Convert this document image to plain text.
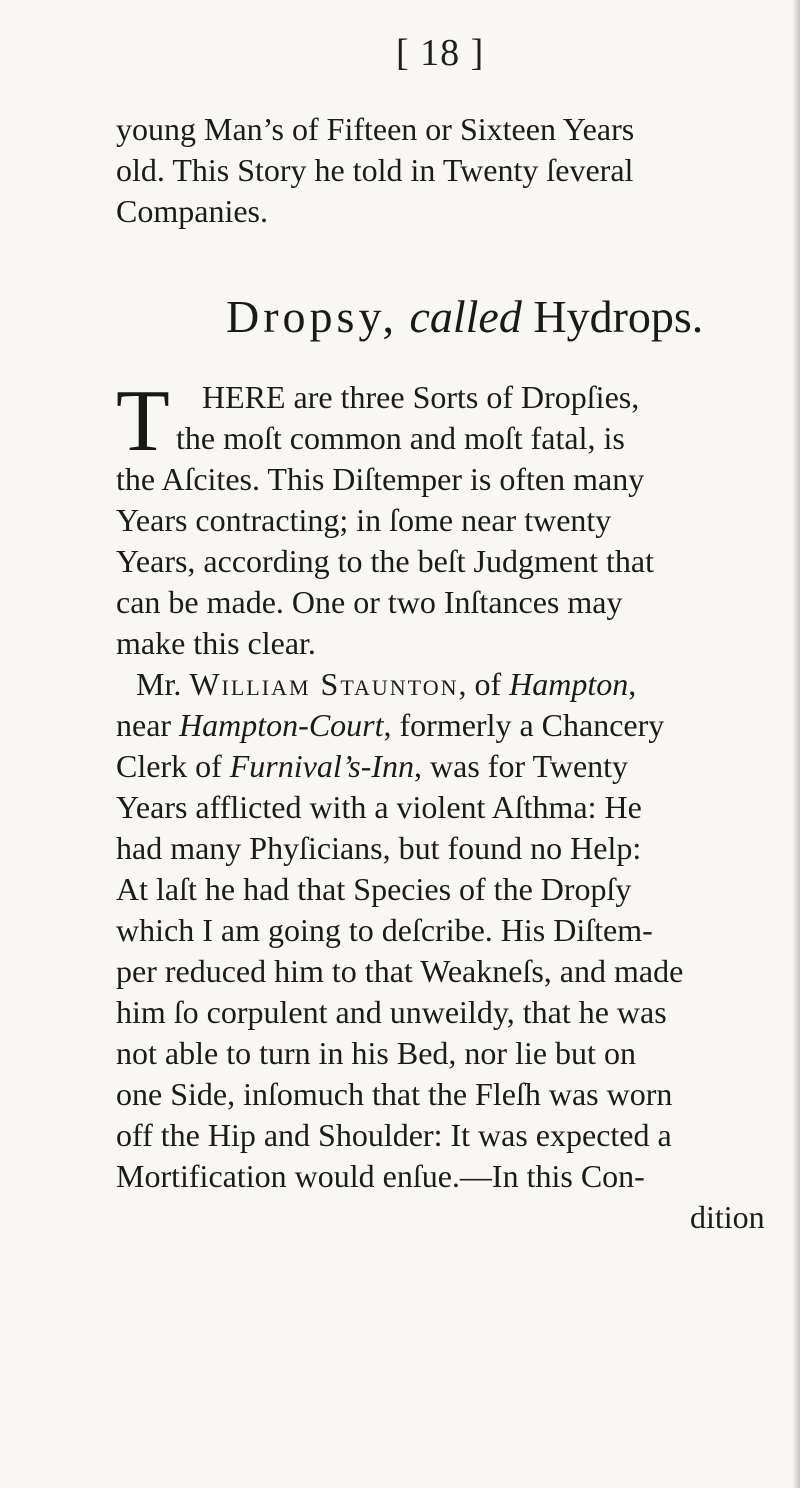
[ 18 ]
young Man’s of Fifteen or Sixteen Years
old. This Story he told in Twenty ſeveral
Companies.
Dropsy, called Hydrops.
T HERE are three Sorts of Dropſies,
the moſt common and moſt fatal, is
the Aſcites. This Diſtemper is often many
Years contracting; in ſome near twenty
Years, according to the beſt Judgment that
can be made. One or two Inſtances may
make this clear.
Mr. William Staunton, of Hampton,
near Hampton-Court, formerly a Chancery
Clerk of Furnival’s-Inn, was for Twenty
Years afflicted with a violent Aſthma: He
had many Phyſicians, but found no Help:
At laſt he had that Species of the Dropſy
which I am going to deſcribe. His Diſtem-
per reduced him to that Weakneſs, and made
him ſo corpulent and unweildy, that he was
not able to turn in his Bed, nor lie but on
one Side, inſomuch that the Fleſh was worn
off the Hip and Shoulder: It was expected a
Mortification would enſue.—In this Con-
dition
